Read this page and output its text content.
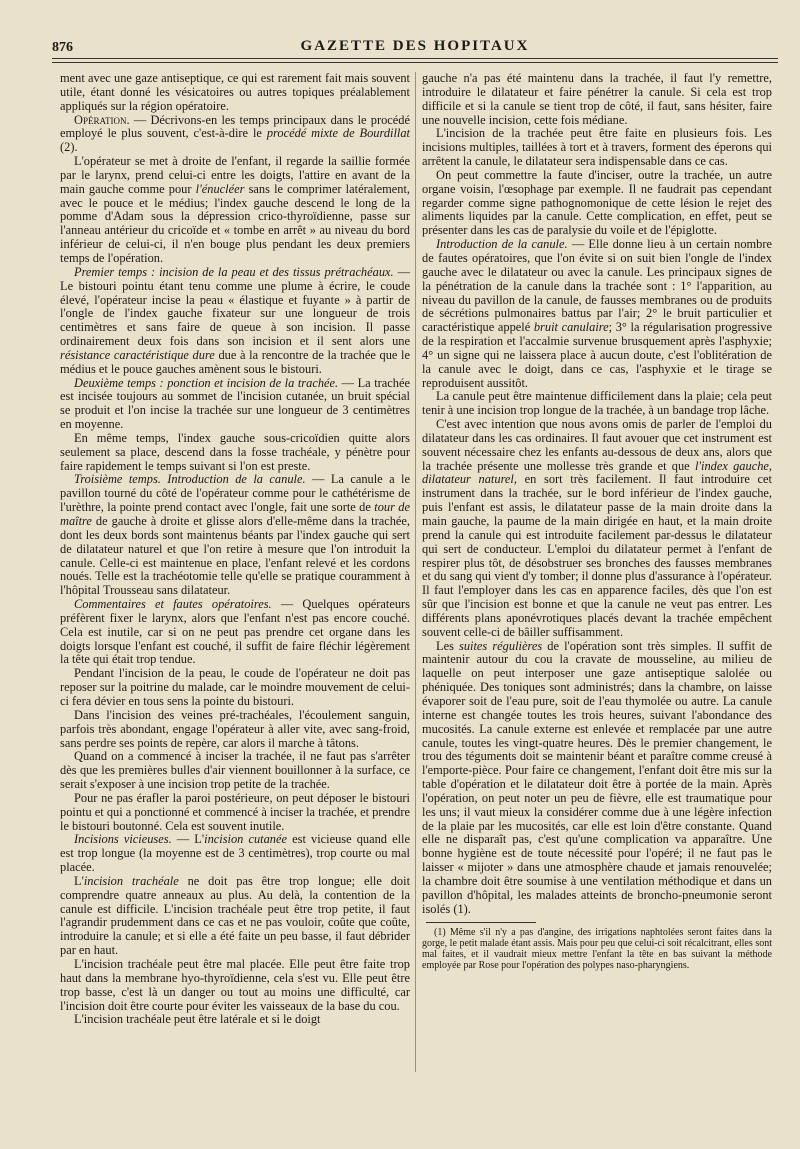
876	GAZETTE DES HOPITAUX

ment avec une gaze antiseptique, ce qui est rarement fait mais souvent utile, étant donné les vésicatoires ou autres topiques préalablement appliqués sur la région opératoire.

Opération. — Décrivons-en les temps principaux dans le procédé employé le plus souvent, c'est-à-dire le procédé mixte de Bourdillat (2).

L'opérateur se met à droite de l'enfant, il regarde la saillie formée par le larynx, prend celui-ci entre les doigts, l'attire en avant de la main gauche comme pour l'énucléer sans le comprimer latéralement, avec le pouce et le médius; l'index gauche descend le long de la pomme d'Adam sous la dépression crico-thyroïdienne, passe sur l'anneau antérieur du cricoïde et « tombe en arrêt » au niveau du bord inférieur de celui-ci, il n'en bouge plus pendant les deux premiers temps de l'opération.

Premier temps : incision de la peau et des tissus prétrachéaux. — Le bistouri pointu étant tenu comme une plume à écrire, le coude élevé, l'opérateur incise la peau « élastique et fuyante » à partir de l'ongle de l'index gauche fixateur sur une longueur de trois centimètres et sans faire de queue à son incision. Il passe ordinairement deux fois dans son incision et il sent alors une résistance caractéristique dure due à la rencontre de la trachée que le médius et le pouce gauches amènent sous le bistouri.

Deuxième temps : ponction et incision de la trachée. — La trachée est incisée toujours au sommet de l'incision cutanée, un bruit spécial se produit et l'on incise la trachée sur une longueur de 3 centimètres en moyenne.

En même temps, l'index gauche sous-cricoïdien quitte alors seulement sa place, descend dans la fosse trachéale, y pénètre pour faire rapidement le temps suivant si l'on est preste.

Troisième temps. Introduction de la canule. — La canule a le pavillon tourné du côté de l'opérateur comme pour le cathétérisme de l'urèthre, la pointe prend contact avec l'ongle, fait une sorte de tour de maître de gauche à droite et glisse alors d'elle-même dans la trachée, dont les deux bords sont maintenus béants par l'index gauche qui sert de dilatateur naturel et que l'on retire à mesure que l'on introduit la canule. Celle-ci est maintenue en place, l'enfant relevé et les cordons noués. Telle est la trachéotomie telle qu'elle se pratique couramment à l'hôpital Trousseau sans dilatateur.

Commentaires et fautes opératoires. — Quelques opérateurs préfèrent fixer le larynx, alors que l'enfant n'est pas encore couché. Cela est inutile, car si on ne peut pas prendre cet organe dans les doigts lorsque l'enfant est couché, il suffit de faire fléchir légèrement la tête qui était trop tendue.

Pendant l'incision de la peau, le coude de l'opérateur ne doit pas reposer sur la poitrine du malade, car le moindre mouvement de celui-ci fera dévier en tous sens la pointe du bistouri.

Dans l'incision des veines pré-trachéales, l'écoulement sanguin, parfois très abondant, engage l'opérateur à aller vite, avec sang-froid, sans perdre ses points de repère, car alors il marche à tâtons.

Quand on a commencé à inciser la trachée, il ne faut pas s'arrêter dès que les premières bulles d'air viennent bouillonner à la surface, ce serait s'exposer à une incision trop petite de la trachée.

Pour ne pas érafler la paroi postérieure, on peut déposer le bistouri pointu et qui a ponctionné et commencé à inciser la trachée, et prendre le bistouri boutonné. Cela est souvent inutile.

Incisions vicieuses. — L'incision cutanée est vicieuse quand elle est trop longue (la moyenne est de 3 centimètres), trop courte ou mal placée.

L'incision trachéale ne doit pas être trop longue; elle doit comprendre quatre anneaux au plus. Au delà, la contention de la canule est difficile. L'incision trachéale peut être trop petite, il faut l'agrandir prudemment dans ce cas et ne pas vouloir, coûte que coûte, introduire la canule; et si elle a été faite un peu basse, il faut débrider par en haut.

L'incision trachéale peut être mal placée. Elle peut être faite trop haut dans la membrane hyo-thyroïdienne, cela s'est vu. Elle peut être trop basse, c'est là un danger ou tout au moins une difficulté, car l'incision doit être courte pour éviter les vaisseaux de la base du cou.

L'incision trachéale peut être latérale et si le doigt

gauche n'a pas été maintenu dans la trachée, il faut l'y remettre, introduire le dilatateur et faire pénétrer la canule. Si cela est trop difficile et si la canule se tient trop de côté, il faut, sans hésiter, faire une nouvelle incision, cette fois médiane.

L'incision de la trachée peut être faite en plusieurs fois. Les incisions multiples, taillées à tort et à travers, forment des éperons qui arrêtent la canule, le dilatateur sera indispensable dans ce cas.

On peut commettre la faute d'inciser, outre la trachée, un autre organe voisin, l'œsophage par exemple. Il ne faudrait pas cependant regarder comme signe pathognomonique de cette lésion le rejet des aliments liquides par la canule. Cette complication, en effet, peut se présenter dans les cas de paralysie du voile et de l'épiglotte.

Introduction de la canule. — Elle donne lieu à un certain nombre de fautes opératoires, que l'on évite si on suit bien l'ongle de l'index gauche avec le dilatateur ou avec la canule. Les principaux signes de la pénétration de la canule dans la trachée sont : 1° l'apparition, au niveau du pavillon de la canule, de fausses membranes ou de produits de sécrétions pulmonaires battus par l'air; 2° le bruit particulier et caractéristique appelé bruit canulaire; 3° la régularisation progressive de la respiration et l'accalmie survenue brusquement après l'asphyxie; 4° un signe qui ne laissera place à aucun doute, c'est l'oblitération de la canule avec le doigt, dans ce cas, l'asphyxie et le tirage se reproduisent aussitôt.

La canule peut être maintenue difficilement dans la plaie; cela peut tenir à une incision trop longue de la trachée, à un bandage trop lâche.

C'est avec intention que nous avons omis de parler de l'emploi du dilatateur dans les cas ordinaires. Il faut avouer que cet instrument est souvent nécessaire chez les enfants au-dessous de deux ans, alors que la trachée présente une mollesse très grande et que l'index gauche, dilatateur naturel, en sort très facilement. Il faut introduire cet instrument dans la trachée, sur le bord inférieur de l'index gauche, puis l'enfant est assis, le dilatateur passe de la main droite dans la main gauche, la paume de la main dirigée en haut, et la main droite prend la canule qui est introduite facilement par-dessus le dilatateur qui sert de conducteur. L'emploi du dilatateur permet à l'enfant de respirer plus tôt, de désobstruer ses bronches des fausses membranes et du sang qui vient d'y tomber; il donne plus d'assurance à l'opérateur. Il faut l'employer dans les cas en apparence faciles, dès que l'on est sûr que l'incision est bonne et que la canule ne veut pas entrer. Les différents plans aponévrotiques placés devant la trachée empêchent souvent celle-ci de bâiller suffisamment.

Les suites régulières de l'opération sont très simples. Il suffit de maintenir autour du cou la cravate de mousseline, au milieu de laquelle on peut interposer une gaze antiseptique salolée ou phéniquée. Des toniques sont administrés; dans la chambre, on laisse évaporer soit de l'eau pure, soit de l'eau thymolée ou autre. La canule interne est changée toutes les trois heures, suivant l'abondance des mucosités. La canule externe est enlevée et remplacée par une autre canule, toutes les vingt-quatre heures. Dès le premier changement, le trou des téguments doit se maintenir béant et paraître comme creusé à l'emporte-pièce. Pour faire ce changement, l'enfant doit être mis sur la table d'opération et le dilatateur doit être à portée de la main. Après l'opération, on peut noter un peu de fièvre, elle est traumatique pour les uns; il vaut mieux la considérer comme due à une légère infection de la plaie par les mucosités, car elle est loin d'être constante. Quand elle ne disparaît pas, c'est qu'une complication va apparaître. Une bonne hygiène est de toute nécessité pour l'opéré; il ne faut pas le laisser « mijoter » dans une atmosphère chaude et jamais renouvelée; la chambre doit être soumise à une ventilation méthodique et dans un pavillon d'hôpital, les malades atteints de broncho-pneumonie seront isolés (1).

(1) Même s'il n'y a pas d'angine, des irrigations naphtolées seront faites dans la gorge, le petit malade étant assis. Mais pour peu que celui-ci soit récalcitrant, elles sont mal faites, et il vaudrait mieux mettre l'enfant la tête en bas suivant la méthode employée par Rose pour l'opération des polypes naso-pharyngiens.
